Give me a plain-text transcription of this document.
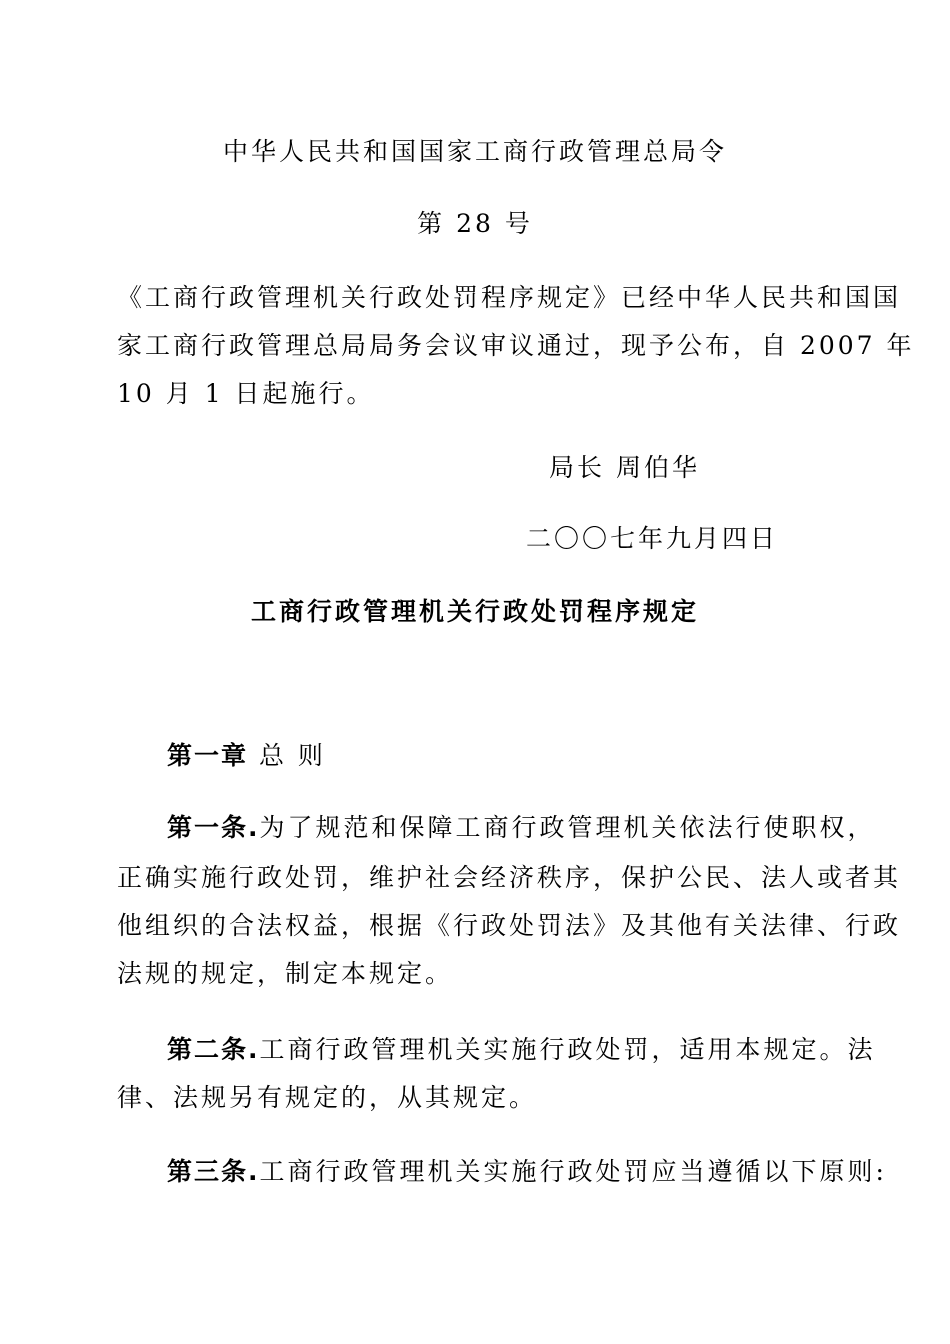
中华人民共和国国家工商行政管理总局令
第 28 号
《工商行政管理机关行政处罚程序规定》已经中华人民共和国国
家工商行政管理总局局务会议审议通过，现予公布，自 2007 年
10 月 1 日起施行。
局长 周伯华
二〇〇七年九月四日
工商行政管理机关行政处罚程序规定
第一章 总 则
第一条.为了规范和保障工商行政管理机关依法行使职权，
正确实施行政处罚，维护社会经济秩序，保护公民、法人或者其
他组织的合法权益，根据《行政处罚法》及其他有关法律、行政
法规的规定，制定本规定。
第二条.工商行政管理机关实施行政处罚，适用本规定。法
律、法规另有规定的，从其规定。
第三条.工商行政管理机关实施行政处罚应当遵循以下原则:
